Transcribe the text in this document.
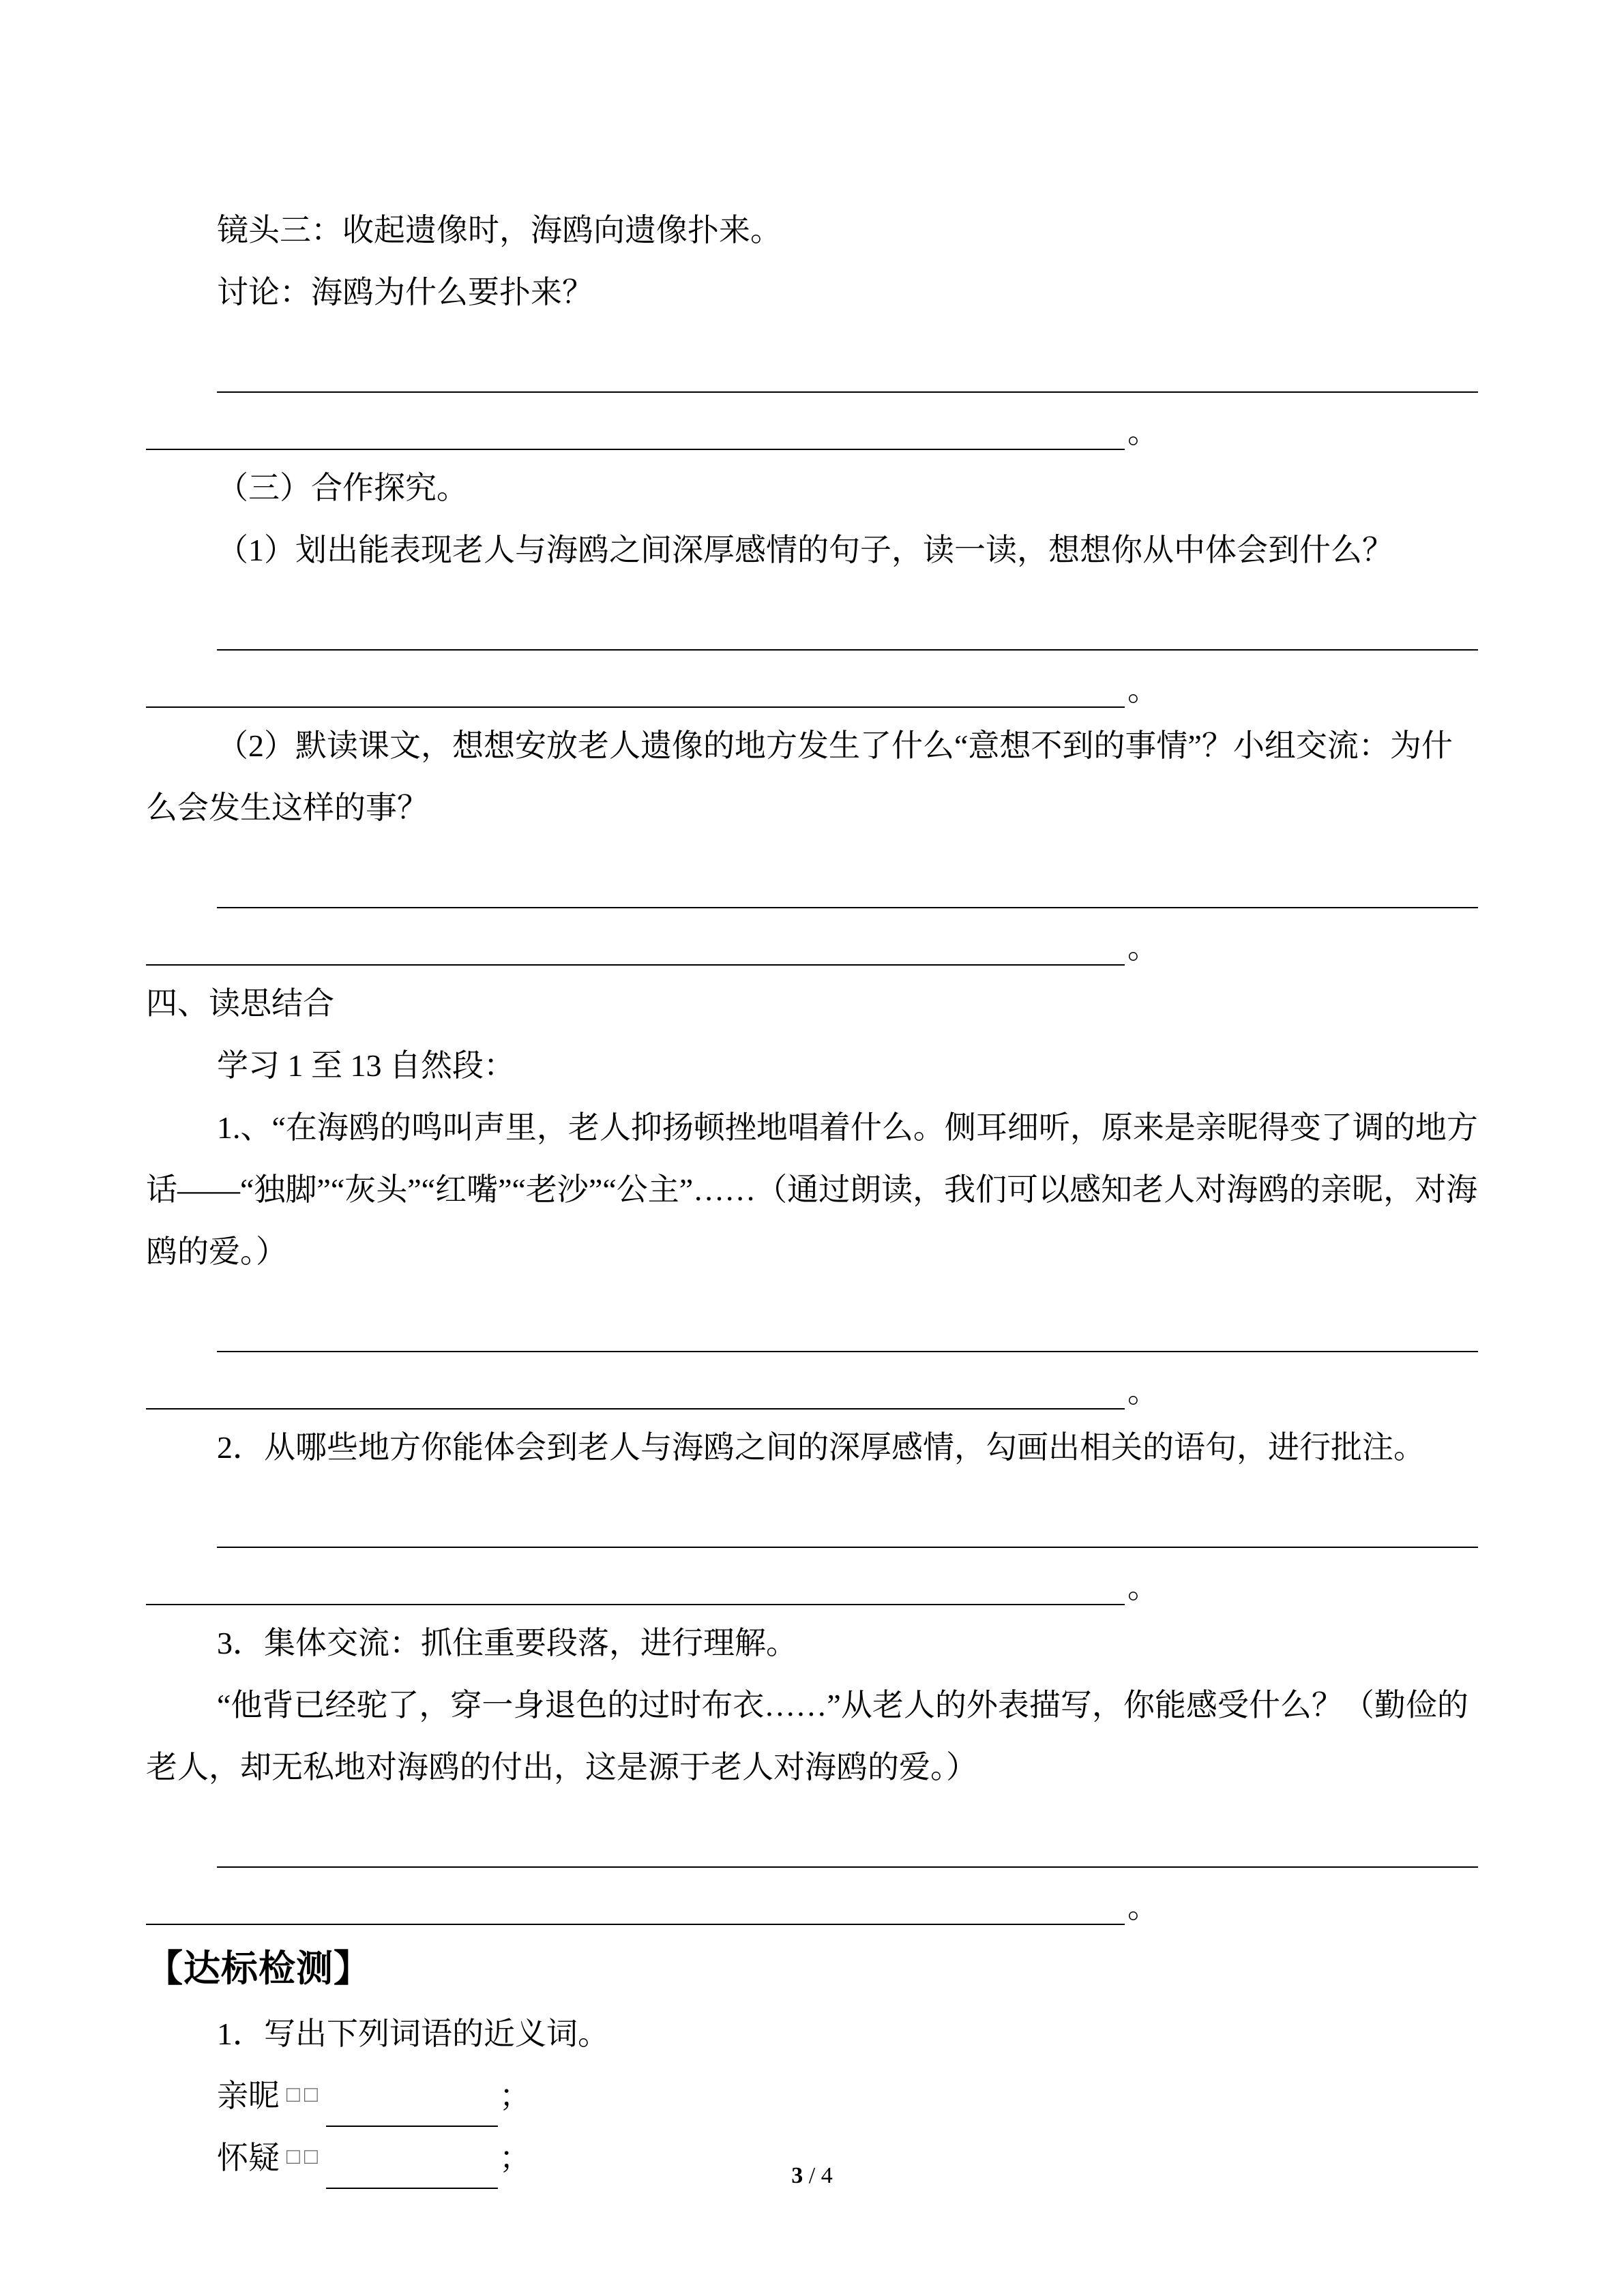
镜头三：收起遗像时，海鸥向遗像扑来。

讨论：海鸥为什么要扑来？

。

（三）合作探究。

（1）划出能表现老人与海鸥之间深厚感情的句子，读一读，想想你从中体会到什么？

。

（2）默读课文，想想安放老人遗像的地方发生了什么“意想不到的事情”？小组交流：为什么会发生这样的事？

。

四、读思结合

学习 1 至 13 自然段：

1.、“在海鸥的鸣叫声里，老人抑扬顿挫地唱着什么。侧耳细听，原来是亲昵得变了调的地方话——“独脚”“灰头”“红嘴”“老沙”“公主”……（通过朗读，我们可以感知老人对海鸥的亲昵，对海鸥的爱。）

。

2．从哪些地方你能体会到老人与海鸥之间的深厚感情，勾画出相关的语句，进行批注。

。

3．集体交流：抓住重要段落，进行理解。

“他背已经驼了，穿一身退色的过时布衣……”从老人的外表描写，你能感受什么？（勤俭的老人，却无私地对海鸥的付出，这是源于老人对海鸥的爱。）

。

【达标检测】

1．写出下列词语的近义词。

亲昵 □□	；
怀疑 □□	；
3 / 4
